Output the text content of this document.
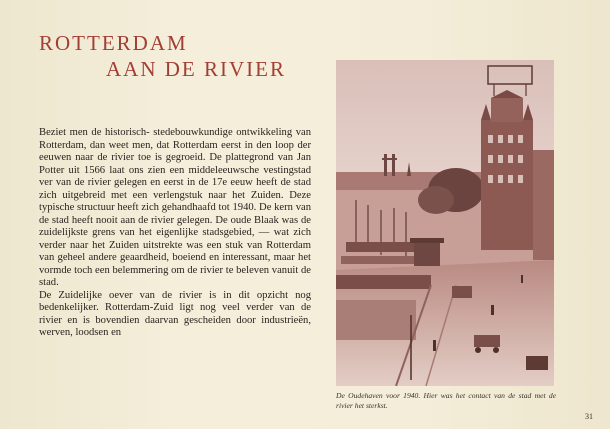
ROTTERDAM
AAN DE RIVIER

Beziet men de historisch- stedebouwkundige ontwikkeling van Rotterdam, dan weet men, dat Rotterdam eerst in den loop der eeuwen naar de rivier toe is gegroeid. De plattegrond van Jan Potter uit 1566 laat ons zien een middeleeuwsche vestingstad ver van de rivier gelegen en eerst in de 17e eeuw heeft de stad zich uitgebreid met een verlengstuk naar het Zuiden. Deze typische structuur heeft zich gehandhaafd tot 1940. De kern van de stad heeft nooit aan de rivier gelegen. De oude Blaak was de zuidelijkste grens van het eigenlijke stadsgebied, — wat zich verder naar het Zuiden uitstrekte was een stuk van Rotterdam van geheel andere geaardheid, boeiend en interessant, maar het vormde toch een belemmering om de rivier te beleven vanuit de stad.

De Zuidelijke oever van de rivier is in dit opzicht nog bedenkelijker. Rotterdam-Zuid ligt nog veel verder van de rivier en is bovendien daarvan gescheiden door industrieën, werven, loodsen en

De Oudehaven voor 1940. Hier was het contact van de stad met de rivier het sterkst.
31
